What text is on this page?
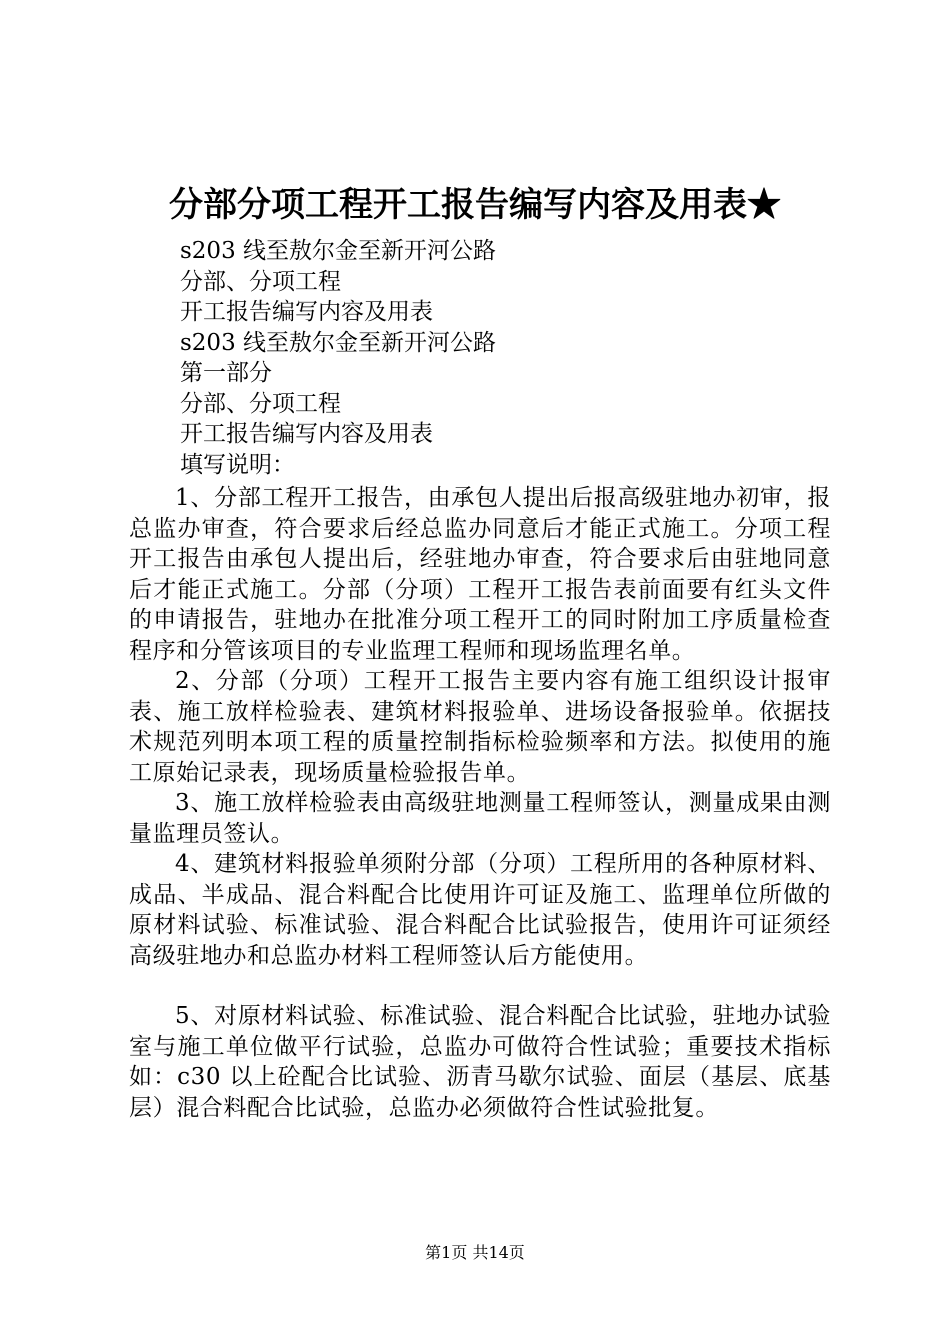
分部分项工程开工报告编写内容及用表★
s203 线至敖尔金至新开河公路
分部、分项工程
开工报告编写内容及用表
s203 线至敖尔金至新开河公路
第一部分
分部、分项工程
开工报告编写内容及用表
填写说明：

1、分部工程开工报告，由承包人提出后报高级驻地办初审，报总监办审查，符合要求后经总监办同意后才能正式施工。分项工程开工报告由承包人提出后，经驻地办审查，符合要求后由驻地同意后才能正式施工。分部（分项）工程开工报告表前面要有红头文件的申请报告，驻地办在批准分项工程开工的同时附加工序质量检查程序和分管该项目的专业监理工程师和现场监理名单。

2、分部（分项）工程开工报告主要内容有施工组织设计报审表、施工放样检验表、建筑材料报验单、进场设备报验单。依据技术规范列明本项工程的质量控制指标检验频率和方法。拟使用的施工原始记录表，现场质量检验报告单。

3、施工放样检验表由高级驻地测量工程师签认，测量成果由测量监理员签认。

4、建筑材料报验单须附分部（分项）工程所用的各种原材料、成品、半成品、混合料配合比使用许可证及施工、监理单位所做的原材料试验、标准试验、混合料配合比试验报告，使用许可证须经高级驻地办和总监办材料工程师签认后方能使用。

5、对原材料试验、标准试验、混合料配合比试验，驻地办试验室与施工单位做平行试验，总监办可做符合性试验；重要技术指标如：c30 以上砼配合比试验、沥青马歇尔试验、面层（基层、底基层）混合料配合比试验，总监办必须做符合性试验批复。

第1页 共14页
